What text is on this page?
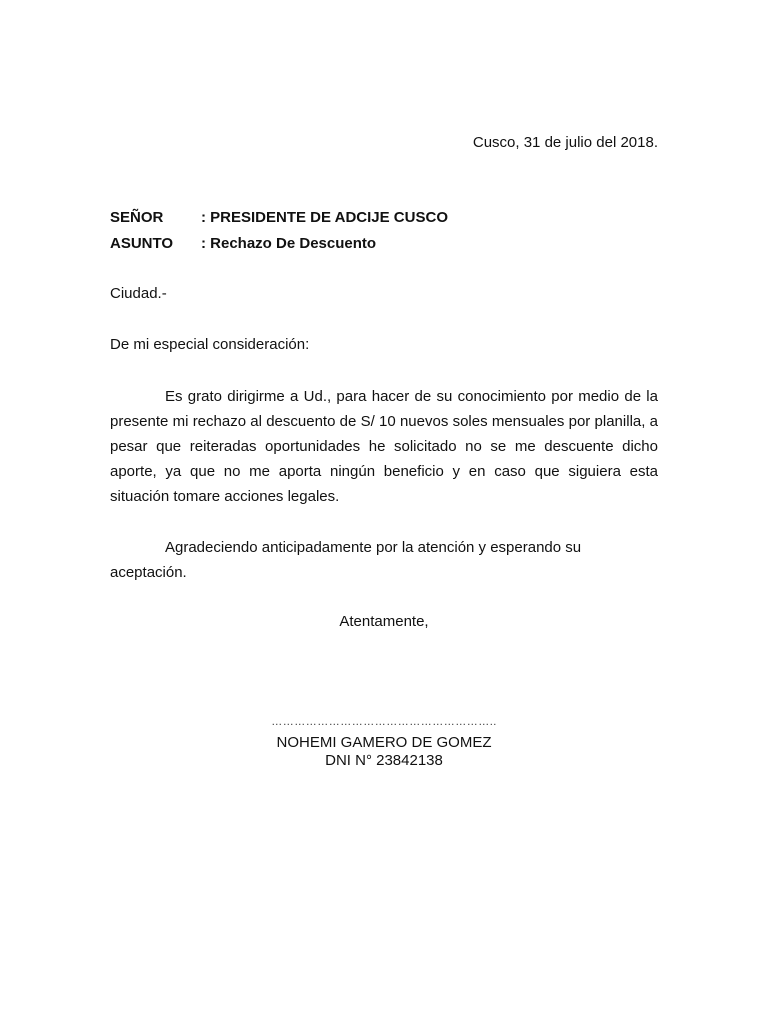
Cusco, 31 de julio del 2018.
SEÑOR	: PRESIDENTE DE ADCIJE CUSCO
ASUNTO : Rechazo De Descuento
Ciudad.-
De mi especial consideración:

Es grato dirigirme a Ud., para hacer de su conocimiento por medio de la presente mi rechazo al descuento de S/ 10 nuevos soles mensuales por planilla, a pesar que reiteradas oportunidades he solicitado no se me descuente dicho aporte, ya que no me aporta ningún beneficio y en caso que siguiera esta situación tomare acciones legales.

Agradeciendo anticipadamente por la atención y esperando su aceptación.

Atentamente,
…………………………………………………..
NOHEMI GAMERO DE GOMEZ
DNI N° 23842138
